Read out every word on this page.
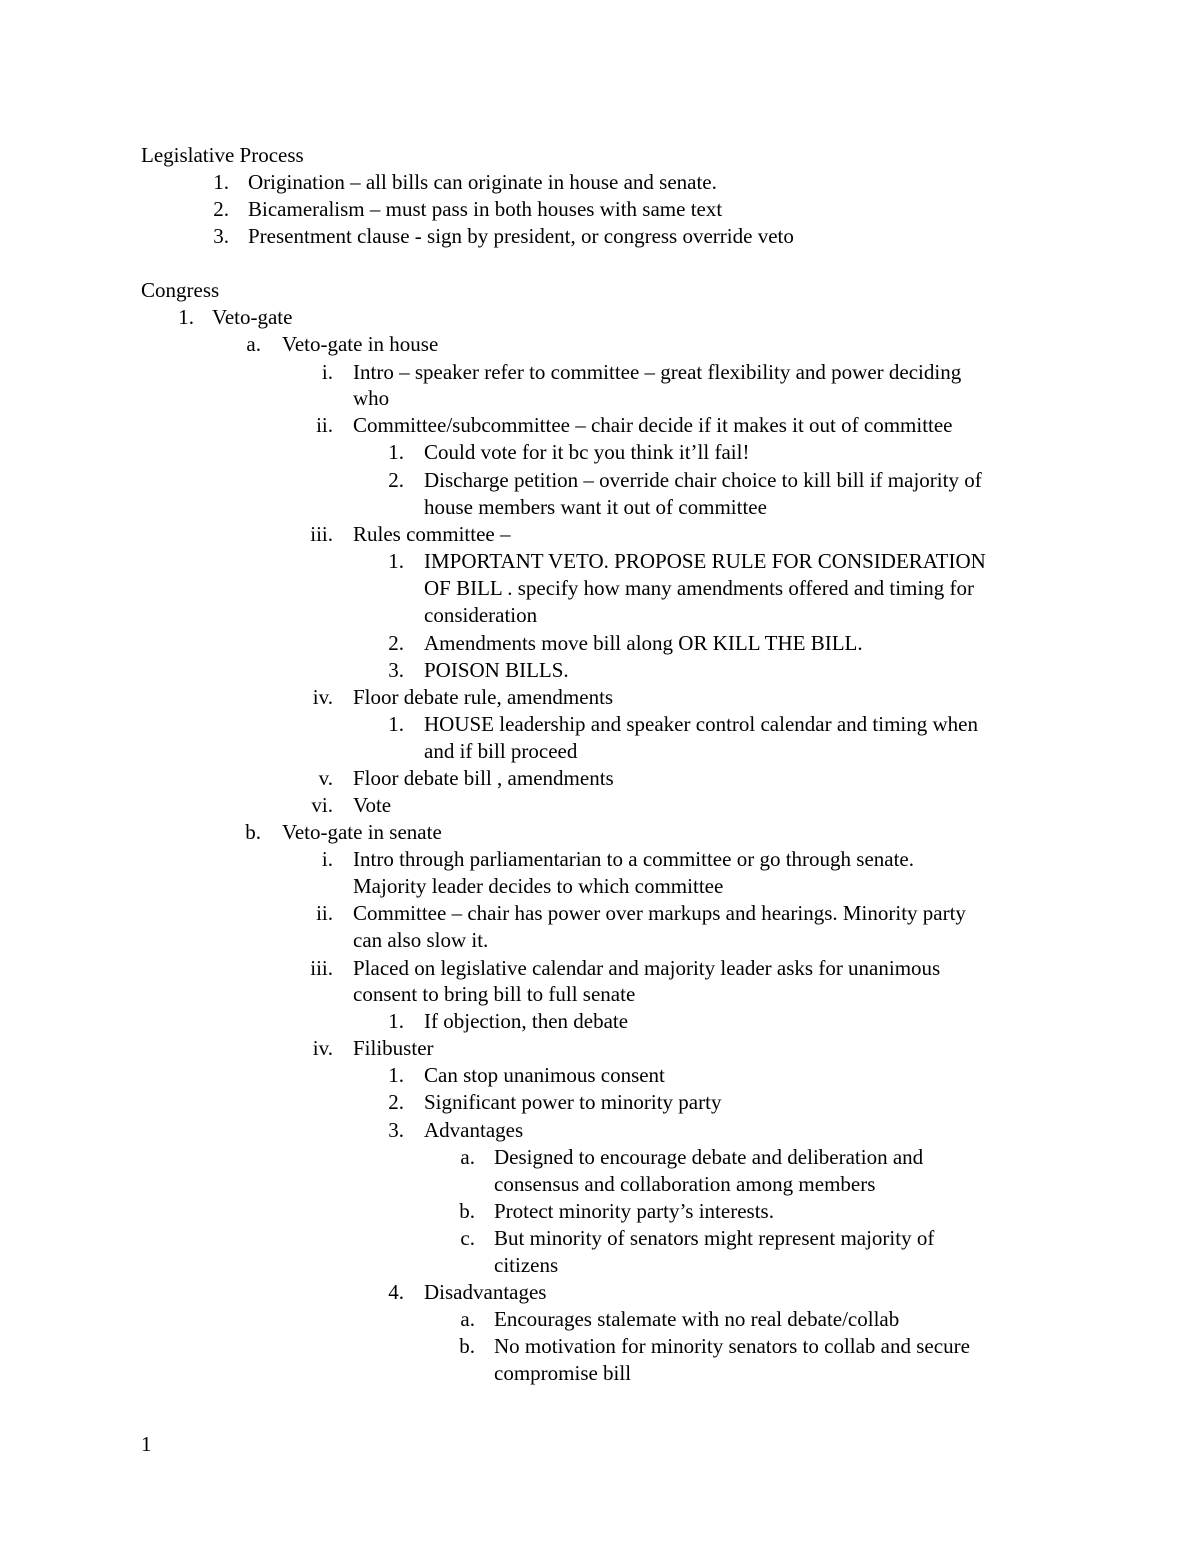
Legislative Process
1. Origination – all bills can originate in house and senate.
2. Bicameralism – must pass in both houses with same text
3. Presentment clause - sign by president, or congress override veto
Congress
1. Veto-gate
a. Veto-gate in house
i. Intro – speaker refer to committee – great flexibility and power deciding
who
ii. Committee/subcommittee – chair decide if it makes it out of committee
1. Could vote for it bc you think it’ll fail!
2. Discharge petition – override chair choice to kill bill if majority of
house members want it out of committee
iii. Rules committee –
1. IMPORTANT VETO. PROPOSE RULE FOR CONSIDERATION
OF BILL . specify how many amendments offered and timing for
consideration
2. Amendments move bill along OR KILL THE BILL.
3. POISON BILLS.
iv. Floor debate rule, amendments
1. HOUSE leadership and speaker control calendar and timing when
and if bill proceed
v. Floor debate bill , amendments
vi. Vote
b. Veto-gate in senate
i. Intro through parliamentarian to a committee or go through senate.
Majority leader decides to which committee
ii. Committee – chair has power over markups and hearings. Minority party
can also slow it.
iii. Placed on legislative calendar and majority leader asks for unanimous
consent to bring bill to full senate
1. If objection, then debate
iv. Filibuster
1. Can stop unanimous consent
2. Significant power to minority party
3. Advantages
a. Designed to encourage debate and deliberation and
consensus and collaboration among members
b. Protect minority party’s interests.
c. But minority of senators might represent majority of
citizens
4. Disadvantages
a. Encourages stalemate with no real debate/collab
b. No motivation for minority senators to collab and secure
compromise bill
1
